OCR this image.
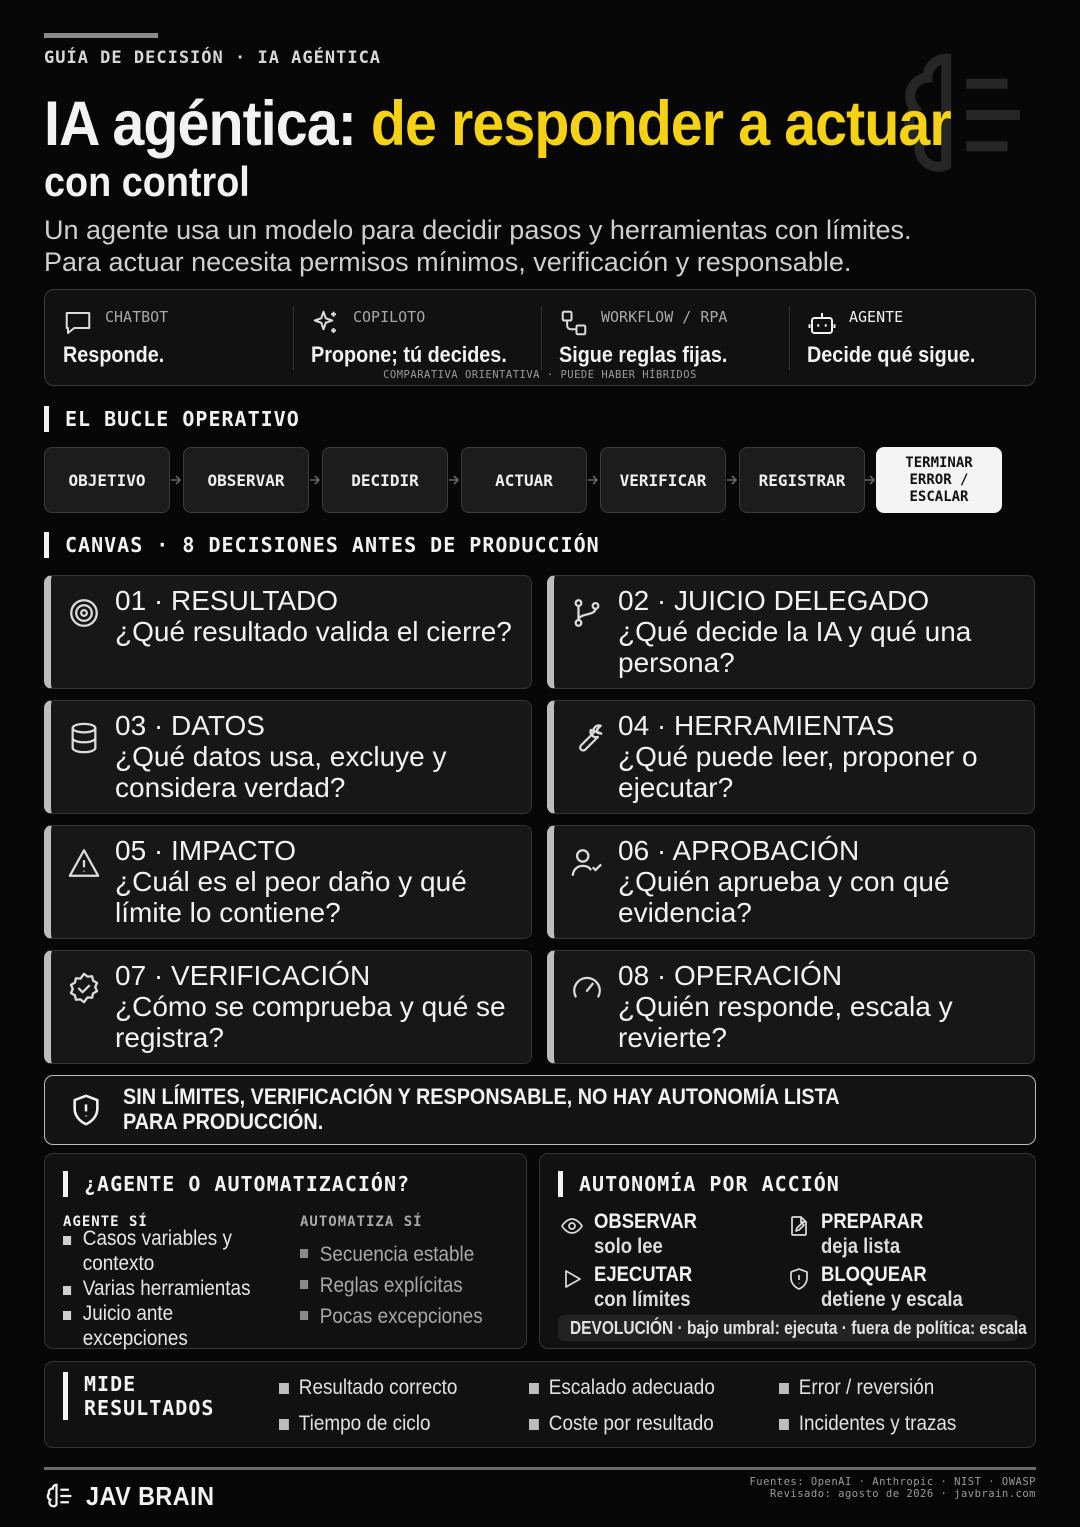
GUÍA DE DECISIÓN · IA AGÉNTICA
IA agéntica: de responder a actuar
con control
Un agente usa un modelo para decidir pasos y herramientas con límites.
Para actuar necesita permisos mínimos, verificación y responsable.
CHATBOT
Responde.
COPILOTO
Propone; tú decides.
WORKFLOW / RPA
Sigue reglas fijas.
AGENTE
Decide qué sigue.
COMPARATIVA ORIENTATIVA · PUEDE HABER HÍBRIDOS
EL BUCLE OPERATIVO
OBJETIVO	OBSERVAR	DECIDIR	ACTUAR	VERIFICAR	REGISTRAR
TERMINAR
ERROR /
ESCALAR
CANVAS · 8 DECISIONES ANTES DE PRODUCCIÓN
01 · RESULTADO
¿Qué resultado valida el cierre?
02 · JUICIO DELEGADO
¿Qué decide la IA y qué una persona?
03 · DATOS
¿Qué datos usa, excluye y considera verdad?
04 · HERRAMIENTAS
¿Qué puede leer, proponer o ejecutar?
05 · IMPACTO
¿Cuál es el peor daño y qué límite lo contiene?
06 · APROBACIÓN
¿Quién aprueba y con qué evidencia?
07 · VERIFICACIÓN
¿Cómo se comprueba y qué se registra?
08 · OPERACIÓN
¿Quién responde, escala y revierte?
SIN LÍMITES, VERIFICACIÓN Y RESPONSABLE, NO HAY AUTONOMÍA LISTA PARA PRODUCCIÓN.
¿AGENTE O AUTOMATIZACIÓN?
AGENTE SÍ
Casos variables y contexto
Varias herramientas
Juicio ante excepciones
AUTOMATIZA SÍ
Secuencia estable
Reglas explícitas
Pocas excepciones
AUTONOMÍA POR ACCIÓN
OBSERVAR
solo lee
PREPARAR
deja lista
EJECUTAR
con límites
BLOQUEAR
detiene y escala
DEVOLUCIÓN · bajo umbral: ejecuta · fuera de política: escala
MIDE
RESULTADOS
Resultado correcto	Escalado adecuado	Error / reversión
Tiempo de ciclo	Coste por resultado	Incidentes y trazas
JAV BRAIN	Fuentes: OpenAI · Anthropic · NIST · OWASP
Revisado: agosto de 2026 · javbrain.com
